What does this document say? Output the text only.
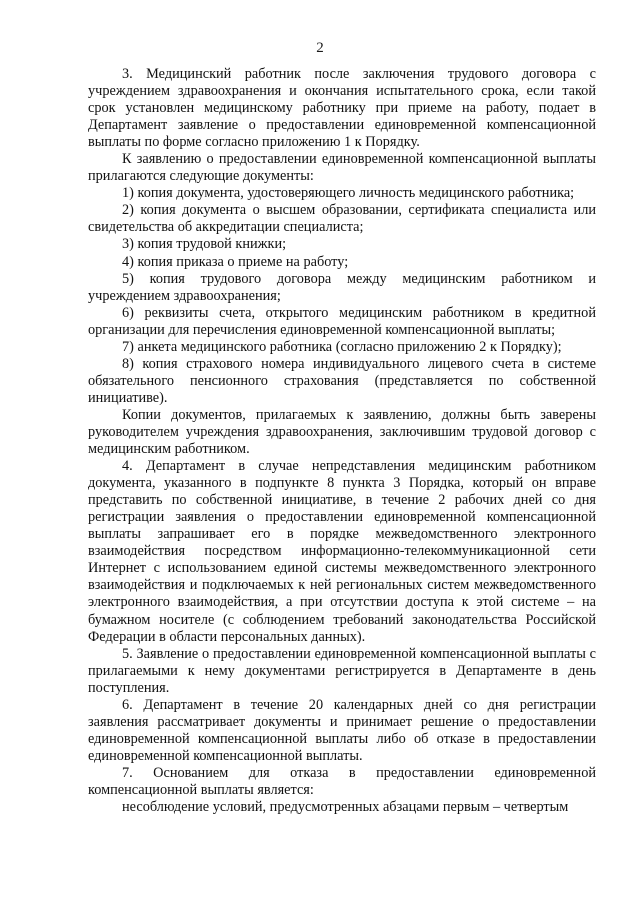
2

3. Медицинский работник после заключения трудового договора с учреждением здравоохранения и окончания испытательного срока, если такой срок установлен медицинскому работнику при приеме на работу, подает в Департамент заявление о предоставлении единовременной компенсационной выплаты по форме согласно приложению 1 к Порядку.

К заявлению о предоставлении единовременной компенсационной выплаты прилагаются следующие документы:

1) копия документа, удостоверяющего личность медицинского работника;

2) копия документа о высшем образовании, сертификата специалиста или свидетельства об аккредитации специалиста;

3) копия трудовой книжки;

4) копия приказа о приеме на работу;

5) копия трудового договора между медицинским работником и учреждением здравоохранения;

6) реквизиты счета, открытого медицинским работником в кредитной организации для перечисления единовременной компенсационной выплаты;

7) анкета медицинского работника (согласно приложению 2 к Порядку);

8) копия страхового номера индивидуального лицевого счета в системе обязательного пенсионного страхования (представляется по собственной инициативе).

Копии документов, прилагаемых к заявлению, должны быть заверены руководителем учреждения здравоохранения, заключившим трудовой договор с медицинским работником.

4. Департамент в случае непредставления медицинским работником документа, указанного в подпункте 8 пункта 3 Порядка, который он вправе представить по собственной инициативе, в течение 2 рабочих дней со дня регистрации заявления о предоставлении единовременной компенсационной выплаты запрашивает его в порядке межведомственного электронного взаимодействия посредством информационно-телекоммуникационной сети Интернет с использованием единой системы межведомственного электронного взаимодействия и подключаемых к ней региональных систем межведомственного электронного взаимодействия, а при отсутствии доступа к этой системе – на бумажном носителе (с соблюдением требований законодательства Российской Федерации в области персональных данных).

5. Заявление о предоставлении единовременной компенсационной выплаты с прилагаемыми к нему документами регистрируется в Департаменте в день поступления.

6. Департамент в течение 20 календарных дней со дня регистрации заявления рассматривает документы и принимает решение о предоставлении единовременной компенсационной выплаты либо об отказе в предоставлении единовременной компенсационной выплаты.

7. Основанием для отказа в предоставлении единовременной компенсационной выплаты является:

несоблюдение условий, предусмотренных абзацами первым – четвертым
